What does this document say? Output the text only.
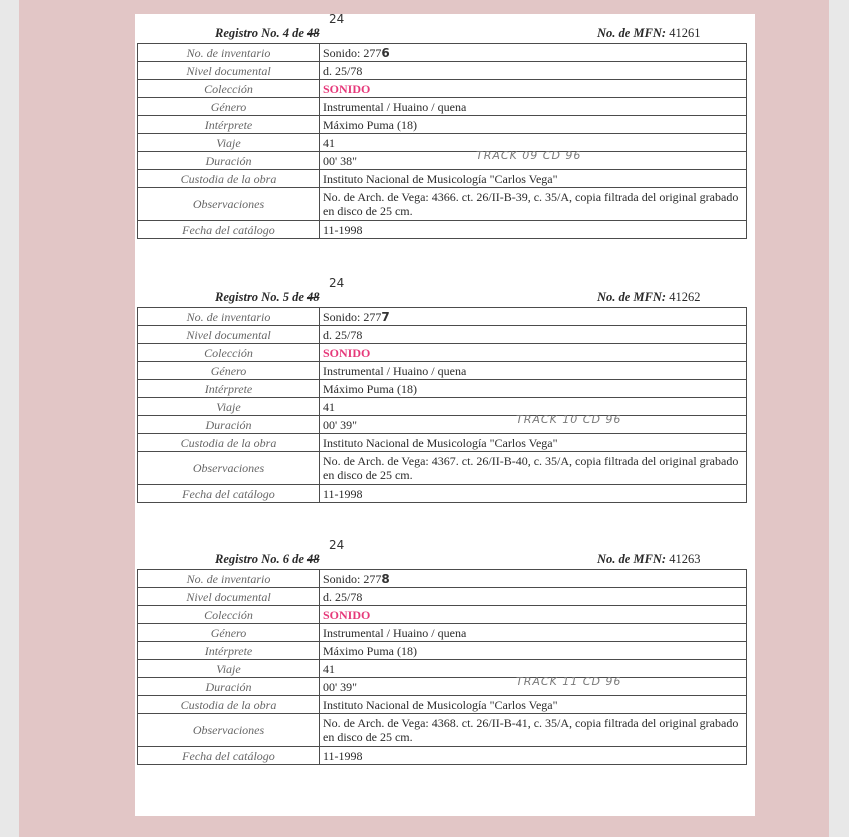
Registro No. 4 de 48
24
No. de MFN: 41261
No. de inventario	Sonido: 2776
Nivel documental	d. 25/78
Colección	SONIDO
Género	Instrumental / Huaino / quena
Intérprete	Máximo Puma (18)
Viaje	41
Duración	00' 38" TRACK 09 CD 96

Custodia de la obra	Instituto Nacional de Musicología "Carlos Vega"
Observaciones	No. de Arch. de Vega: 4366. ct. 26/II-B-39, c. 35/A, copia filtrada del original grabado en disco de 25 cm.
Fecha del catálogo	11-1998
Registro No. 5 de 48
24
No. de MFN: 41262
No. de inventario	Sonido: 2777
Nivel documental	d. 25/78
Colección	SONIDO
Género	Instrumental / Huaino / quena
Intérprete	Máximo Puma (18)
Viaje	41
Duración	00' 39" TRACK 10 CD 96

Custodia de la obra	Instituto Nacional de Musicología "Carlos Vega"
Observaciones	No. de Arch. de Vega: 4367. ct. 26/II-B-40, c. 35/A, copia filtrada del original grabado en disco de 25 cm.
Fecha del catálogo	11-1998
Registro No. 6 de 48
24
No. de MFN: 41263
No. de inventario	Sonido: 2778
Nivel documental	d. 25/78
Colección	SONIDO
Género	Instrumental / Huaino / quena
Intérprete	Máximo Puma (18)
Viaje	41
Duración	00' 39" TRACK 11 CD 96

Custodia de la obra	Instituto Nacional de Musicología "Carlos Vega"
Observaciones	No. de Arch. de Vega: 4368. ct. 26/II-B-41, c. 35/A, copia filtrada del original grabado en disco de 25 cm.
Fecha del catálogo	11-1998
